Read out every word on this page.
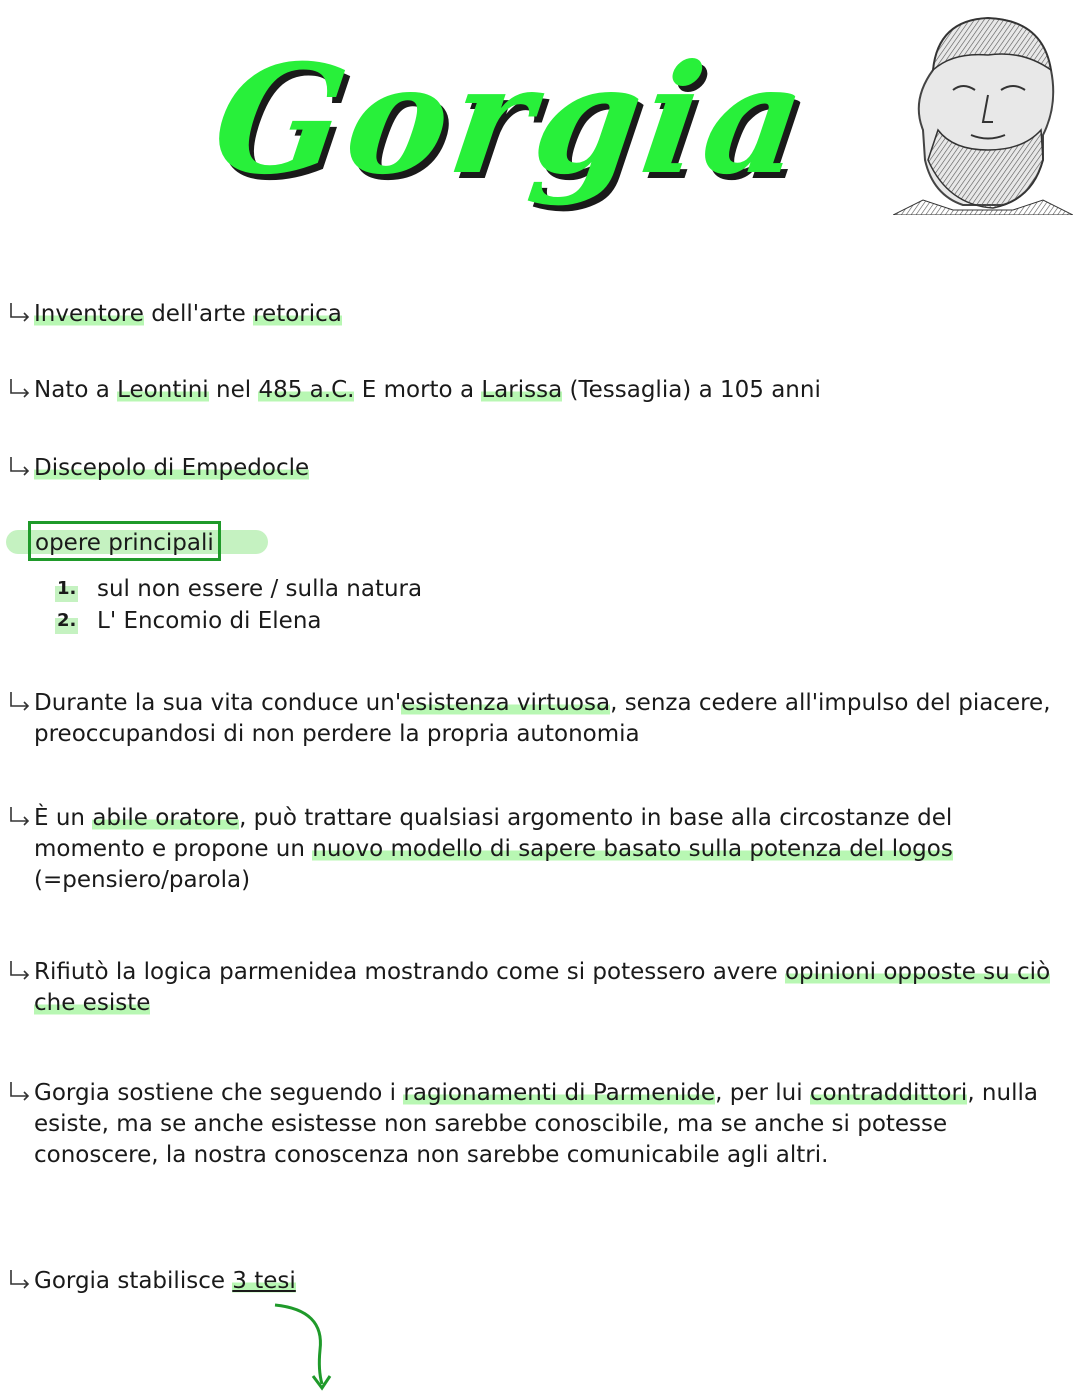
Gorgia
Inventore dell'arte retorica
Nato a Leontini nel 485 a.C. E morto a Larissa (Tessaglia) a 105 anni
Discepolo di Empedocle
opere principali
1. sul non essere / sulla natura
2. L' Encomio di Elena
Durante la sua vita conduce un'esistenza virtuosa, senza cedere all'impulso del piacere, preoccupandosi di non perdere la propria autonomia
È un abile oratore, può trattare qualsiasi argomento in base alla circostanze del momento e propone un nuovo modello di sapere basato sulla potenza del logos (=pensiero/parola)
Rifiutò la logica parmenidea mostrando come si potessero avere opinioni opposte su ciò che esiste
Gorgia sostiene che seguendo i ragionamenti di Parmenide, per lui contraddittori, nulla esiste, ma se anche esistesse non sarebbe conoscibile, ma se anche si potesse conoscere, la nostra conoscenza non sarebbe comunicabile agli altri.
Gorgia stabilisce 3 tesi
